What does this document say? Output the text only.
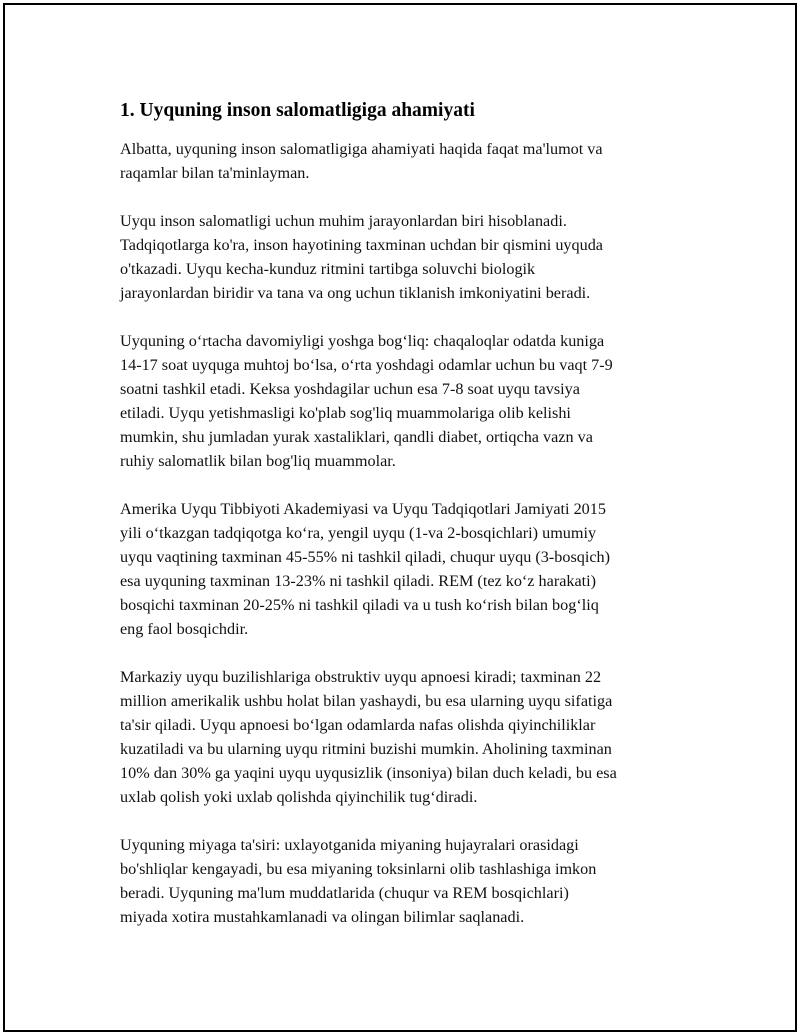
1. Uyquning inson salomatligiga ahamiyati

Albatta, uyquning inson salomatligiga ahamiyati haqida faqat ma'lumot va
raqamlar bilan ta'minlayman.

Uyqu inson salomatligi uchun muhim jarayonlardan biri hisoblanadi.
Tadqiqotlarga ko'ra, inson hayotining taxminan uchdan bir qismini uyquda
o'tkazadi. Uyqu kecha-kunduz ritmini tartibga soluvchi biologik
jarayonlardan biridir va tana va ong uchun tiklanish imkoniyatini beradi.

Uyquning o‘rtacha davomiyligi yoshga bog‘liq: chaqaloqlar odatda kuniga
14-17 soat uyquga muhtoj bo‘lsa, o‘rta yoshdagi odamlar uchun bu vaqt 7-9
soatni tashkil etadi. Keksa yoshdagilar uchun esa 7-8 soat uyqu tavsiya
etiladi. Uyqu yetishmasligi ko'plab sog'liq muammolariga olib kelishi
mumkin, shu jumladan yurak xastaliklari, qandli diabet, ortiqcha vazn va
ruhiy salomatlik bilan bog'liq muammolar.

Amerika Uyqu Tibbiyoti Akademiyasi va Uyqu Tadqiqotlari Jamiyati 2015
yili o‘tkazgan tadqiqotga ko‘ra, yengil uyqu (1-va 2-bosqichlari) umumiy
uyqu vaqtining taxminan 45-55% ni tashkil qiladi, chuqur uyqu (3-bosqich)
esa uyquning taxminan 13-23% ni tashkil qiladi. REM (tez ko‘z harakati)
bosqichi taxminan 20-25% ni tashkil qiladi va u tush ko‘rish bilan bog‘liq
eng faol bosqichdir.

Markaziy uyqu buzilishlariga obstruktiv uyqu apnoesi kiradi; taxminan 22
million amerikalik ushbu holat bilan yashaydi, bu esa ularning uyqu sifatiga
ta'sir qiladi. Uyqu apnoesi bo‘lgan odamlarda nafas olishda qiyinchiliklar
kuzatiladi va bu ularning uyqu ritmini buzishi mumkin. Aholining taxminan
10% dan 30% ga yaqini uyqu uyqusizlik (insoniya) bilan duch keladi, bu esa
uxlab qolish yoki uxlab qolishda qiyinchilik tug‘diradi.

Uyquning miyaga ta'siri: uxlayotganida miyaning hujayralari orasidagi
bo'shliqlar kengayadi, bu esa miyaning toksinlarni olib tashlashiga imkon
beradi. Uyquning ma'lum muddatlarida (chuqur va REM bosqichlari)
miyada xotira mustahkamlanadi va olingan bilimlar saqlanadi.
